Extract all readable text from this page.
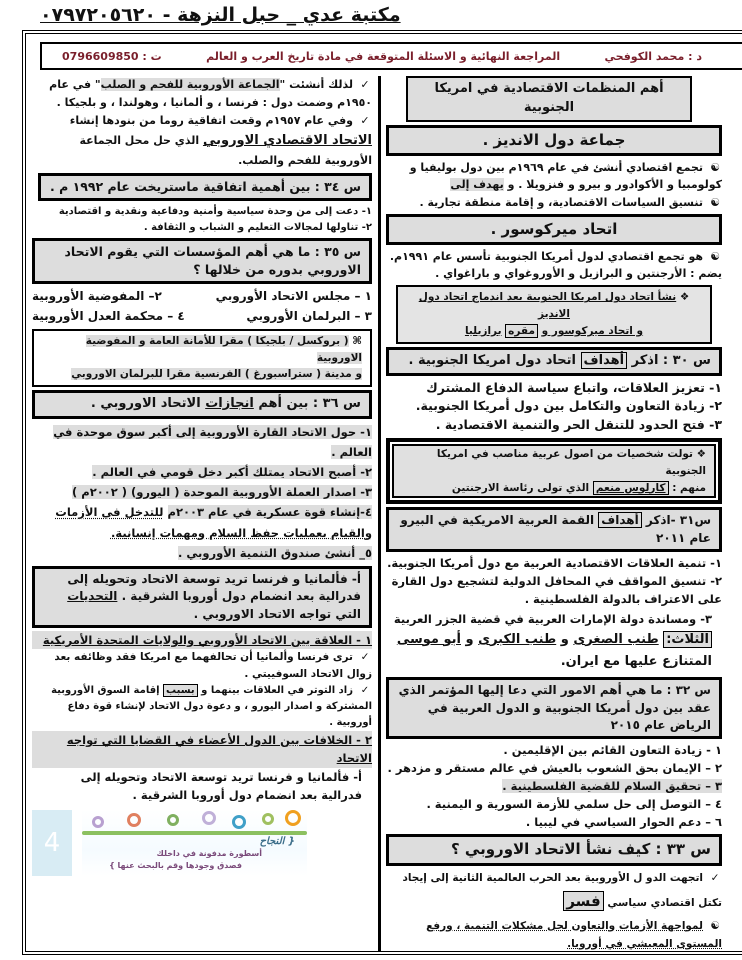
مكتبة عدي _ حبل النزهة - ٠٧٩٧٢٠٥٦٢٠
د : محمد الكوفحي
المراجعة النهائية و الاسئلة المتوقعة في مادة تاريخ العرب و العالم
ت : 0796609850
أهم المنظمات الاقتصادية في امريكا الجنوبية
جماعة دول الانديز .
☯تجمع اقتصادي أنشئ في عام ١٩٦٩م بين دول بوليفيا و كولومبيا و الأكوادور و بيرو و فنزويلا . و يهدف إلى
☯تنسيق السياسات الاقتصادية، و إقامة منطقة تجارية .
اتحاد ميركوسور .
☯هو تجمع اقتصادي لدول أمريكا الجنوبية تأسس عام ١٩٩١م. يضم : الأرجنتين و البرازيل و الأوروغواي و باراغواي .
❖ نشأ اتحاد دول امريكا الجنوبية بعد اندماج اتحاد دول الانديز
و اتحاد ميركوسور و مقره برازيليا
س ٣٠ : اذكر أهداف اتحاد دول امريكا الجنوبية .
١- تعزيز العلاقات، واتباع سياسة الدفاع المشترك
٢- زيادة التعاون والتكامل بين دول أمريكا الجنوبية.
٣- فتح الحدود للتنقل الحر والتنمية الاقتصادية .
❖ تولت شخصيات من اصول عربية مناصب في امريكا الجنوبية
منهم : كارلوس منعم الذي تولى رئاسة الارجنتين
س٣١ -اذكر أهداف القمة العربية الامريكية في البيرو عام ٢٠١١
١- تنمية العلاقات الاقتصادية العربية مع دول أمريكا الجنوبية.
٢- تنسيق المواقف في المحافل الدولية لتشجيع دول القارة على الاعتراف بالدولة الفلسطينية .
٣- ومساندة دولة الإمارات العربية في قضية الجزر العربية
الثلاث: طنب الصغرى و طنب الكبرى و أبو موسى المتنازع عليها مع ايران.
س ٣٢ : ما هي أهم الامور التي دعا إليها المؤتمر الذي عقد بين دول أمريكا الجنوبية و الدول العربية في الرياض عام ٢٠١٥
١ - زيادة التعاون القائم بين الإقليمين .
٢ – الإيمان بحق الشعوب بالعيش في عالم مستقر و مزدهر .
٣ – تحقيق السلام للقضية الفلسطينية .
٤ – التوصل إلى حل سلمي للأزمة السورية و اليمنية .
٦ – دعم الحوار السياسي في ليبيا .
س ٣٣ : كيف نشأ الاتحاد الاوروبي ؟
✓اتجهت الدو ل الأوروبية بعد الحرب العالمية الثانية إلى إيجاد تكتل اقتصادي سياسي فسر
☯لمواجهة الأزمات والتعاون لحل مشكلات التنمية ، ورفع المستوى المعيشي في أوروبا.
✓لذلك أنشئت "الجماعة الأوروبية للفحم و الصلب" في عام ١٩٥٠م وضمت دول : فرنسا ، و ألمانيا ، وهولندا ، و بلجيكا .
✓وفي عام ١٩٥٧م وقعت اتفاقية روما من بنودها إنشاء الاتحاد الاقتصادي الاوروبي الذي حل محل الجماعة الأوروبية للفحم والصلب.
س ٣٤ : بين أهمية اتفاقية ماستريخت عام ١٩٩٢ م .
١- دعت إلى من وحدة سياسية وأمنية ودفاعية ونقدية و اقتصادية
٢- تناولها لمجالات التعليم و الشباب و الثقافة .
س ٣٥ : ما هي أهم المؤسسات التي يقوم الاتحاد الاوروبي بدوره من خلالها ؟
١ – مجلس الاتحاد الأوروبي
٢– المفوضية الأوروبية
٣ – البرلمان الأوروبي
٤ – محكمة العدل الأوروبية
⌘ ( بروكسل / بلجيكا ) مقرا للأمانة العامة و المفوضية الاوروبية
و مدينة ( ستراسبورغ ) الفرنسية مقرا للبرلمان الاوروبي
س ٣٦ : بين أهم انجازات الاتحاد الاوروبي .
١- حول الاتحاد القارة الأوروبية إلى أكبر سوق موحدة في العالم .
٢- أصبح الاتحاد يمتلك أكبر دخل قومي في العالم .
٣- اصدار العملة الأوروبية الموحدة ( اليورو) ( ٢٠٠٢م )
٤-إنشاء قوة عسكرية في عام ٢٠٠٣م للتدخل في الأزمات والقيام بعمليات حفظ السلام ومهمات إنسانية.
٥_ أنشئ صندوق التنمية الأوروبي .
أ- فألمانيا و فرنسا تريد توسعة الاتحاد وتحويله إلى فدرالية بعد انضمام دول أوروبا الشرقية . التحديات التي تواجه الاتحاد الاوروبي .
١ - العلاقة بين الاتحاد الأوروبي والولايات المتحدة الأمريكية
✓ترى فرنسا وألمانيا أن تحالفهما مع امريكا فقد وظائفه بعد زوال الاتحاد السوفييتي .
✓زاد التوتر في العلاقات بينهما و بسبب إقامة السوق الأوروبية المشتركة و اصدار اليورو ، و دعوة دول الاتحاد لإنشاء قوة دفاع أوروبية .
٢ - الخلافات بين الدول الأعضاء في القضايا التي تواجه الاتحاد
أ- فألمانيا و فرنسا تريد توسعة الاتحاد وتحويله إلى فدرالية بعد انضمام دول أوروبا الشرقية .
4	{ النجاح
أسطورة مدفونة في داخلك
فصدق وجودها وقم بالبحث عنها }
